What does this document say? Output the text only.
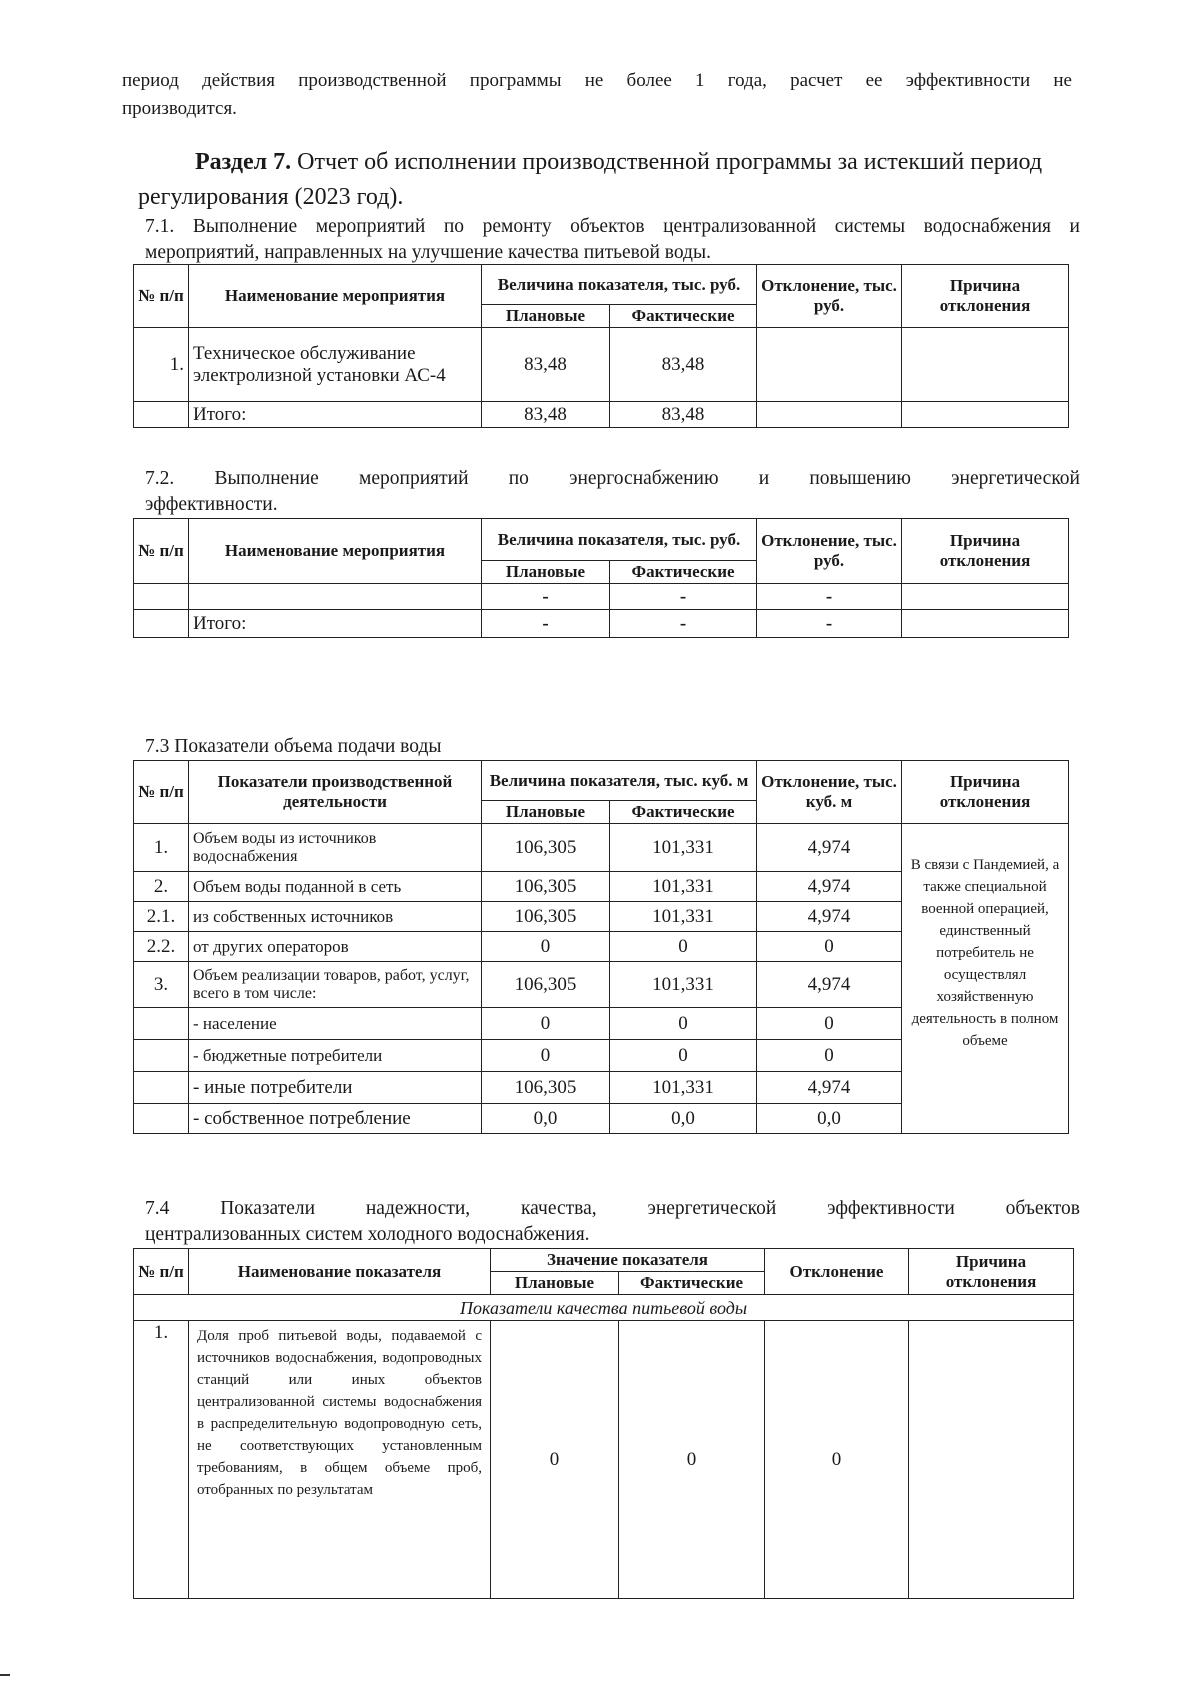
период действия производственной программы не более 1 года, расчет ее эффективности не
производится.
Раздел 7. Отчет об исполнении производственной программы за истекший период
регулирования (2023 год).
7.1. Выполнение мероприятий по ремонту объектов централизованной системы водоснабжения и
мероприятий, направленных на улучшение качества питьевой воды.
№ п/п	Наименование мероприятия	Величина показателя, тыс. руб.		Отклонение, тыс. руб.	Причина отклонения
		Плановые	Фактические		
1.	Техническое обслуживание электролизной установки АС-4	83,48	83,48		
	Итого:	83,48	83,48		
7.2. Выполнение мероприятий по энергоснабжению и повышению энергетической
эффективности.
№ п/п	Наименование мероприятия	Величина показателя, тыс. руб.		Отклонение, тыс. руб.	Причина отклонения
		Плановые	Фактические		
		-	-	-	
	Итого:	-	-	-	
7.3 Показатели объема подачи воды
№ п/п	Показатели производственной деятельности	Величина показателя, тыс. куб. м		Отклонение, тыс. куб. м	Причина отклонения
		Плановые	Фактические		
1.	Объем воды из источников водоснабжения	106,305	101,331	4,974	В связи с Пандемией, а также специальной военной операцией, единственный потребитель не осуществлял хозяйственную деятельность в полном объеме
2.	Объем воды поданной в сеть	106,305	101,331	4,974	
2.1.	из собственных источников	106,305	101,331	4,974	
2.2.	от других операторов	0	0	0	
3.	Объем реализации товаров, работ, услуг, всего в том числе:	106,305	101,331	4,974	
	- население	0	0	0	
	- бюджетные потребители	0	0	0	
	- иные потребители	106,305	101,331	4,974	
	- собственное потребление	0,0	0,0	0,0	
7.4 Показатели надежности, качества, энергетической эффективности объектов
централизованных систем холодного водоснабжения.
№ п/п	Наименование показателя	Значение показателя		Отклонение	Причина отклонения
		Плановые	Фактические		
Показатели качества питьевой воды					
1.	Доля проб питьевой воды, подаваемой с источников водоснабжения, водопроводных станций или иных объектов централизованной системы водоснабжения в распределительную водопроводную сеть, не соответствующих установленным требованиям, в общем объеме проб, отобранных по результатам	0	0	0	
